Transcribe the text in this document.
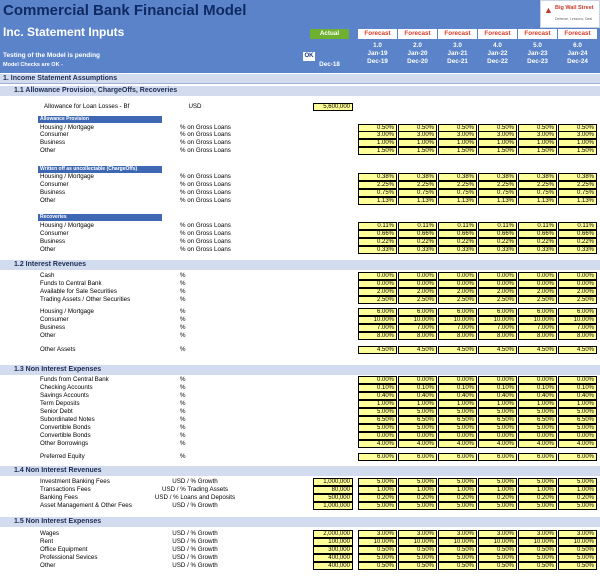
Commercial Bank Financial Model
Inc. Statement Inputs
Testing of the Model is pending
Model Checks are OK -
OK
▲ Big Wall Street
Defense, Lessons, Deal
Actual
Dec-18
Forecast
1.0
Jan-19
Dec-19
Forecast
2.0
Jan-20
Dec-20
Forecast
3.0
Jan-21
Dec-21
Forecast
4.0
Jan-22
Dec-22
Forecast
5.0
Jan-23
Dec-23
Forecast
6.0
Jan-24
Dec-24
1. Income Statement Assumptions
1.1 Allowance Provision, ChargeOffs, Recoveries
1.2 Interest Revenues
1.3 Non Interest Expenses
1.4 Non Interest Revenues
1.5 Non Interest Expenses
Allowance Provision
Written off as uncollectable (ChargeOffs)
Recoveries
Allowance for Loan Losses - Bf	USD	5,600,000
Housing / Mortgage	% on Gross Loans	0.50%	0.50%	0.50%	0.50%	0.50%	0.50%
Consumer	% on Gross Loans	3.00%	3.00%	3.00%	3.00%	3.00%	3.00%
Business	% on Gross Loans	1.00%	1.00%	1.00%	1.00%	1.00%	1.00%
Other	% on Gross Loans	1.50%	1.50%	1.50%	1.50%	1.50%	1.50%
Housing / Mortgage	% on Gross Loans	0.38%	0.38%	0.38%	0.38%	0.38%	0.38%
Consumer	% on Gross Loans	2.25%	2.25%	2.25%	2.25%	2.25%	2.25%
Business	% on Gross Loans	0.75%	0.75%	0.75%	0.75%	0.75%	0.75%
Other	% on Gross Loans	1.13%	1.13%	1.13%	1.13%	1.13%	1.13%
Housing / Mortgage	% on Gross Loans	0.11%	0.11%	0.11%	0.11%	0.11%	0.11%
Consumer	% on Gross Loans	0.66%	0.66%	0.66%	0.66%	0.66%	0.66%
Business	% on Gross Loans	0.22%	0.22%	0.22%	0.22%	0.22%	0.22%
Other	% on Gross Loans	0.33%	0.33%	0.33%	0.33%	0.33%	0.33%
Cash	%	0.00%	0.00%	0.00%	0.00%	0.00%	0.00%
Funds to Central Bank	%	0.00%	0.00%	0.00%	0.00%	0.00%	0.00%
Available for Sale Securities	%	2.00%	2.00%	2.00%	2.00%	2.00%	2.00%
Trading Assets / Other Securities	%	2.50%	2.50%	2.50%	2.50%	2.50%	2.50%
Housing / Mortgage	%	6.00%	6.00%	6.00%	6.00%	6.00%	6.00%
Consumer	%	10.00%	10.00%	10.00%	10.00%	10.00%	10.00%
Business	%	7.00%	7.00%	7.00%	7.00%	7.00%	7.00%
Other	%	8.00%	8.00%	8.00%	8.00%	8.00%	8.00%
Other Assets	%	4.50%	4.50%	4.50%	4.50%	4.50%	4.50%
Funds from Central Bank	%	0.00%	0.00%	0.00%	0.00%	0.00%	0.00%
Checking Accounts	%	0.10%	0.10%	0.10%	0.10%	0.10%	0.10%
Savings Accounts	%	0.40%	0.40%	0.40%	0.40%	0.40%	0.40%
Term Deposits	%	1.00%	1.00%	1.00%	1.00%	1.00%	1.00%
Senior Debt	%	5.00%	5.00%	5.00%	5.00%	5.00%	5.00%
Subordinated Notes	%	6.50%	6.50%	6.50%	6.50%	6.50%	6.50%
Convertible Bonds	%	5.00%	5.00%	5.00%	5.00%	5.00%	5.00%
Convertible Bonds	%	0.00%	0.00%	0.00%	0.00%	0.00%	0.00%
Other Borrowings	%	4.00%	4.00%	4.00%	4.00%	4.00%	4.00%
Preferred Equity	%	6.00%	6.00%	6.00%	6.00%	6.00%	6.00%
Investment Banking Fees	USD / % Growth	1,000,000	5.00%	5.00%	5.00%	5.00%	5.00%	5.00%
Transactions Fees	USD / % Trading Assets	80,000	1.00%	1.00%	1.00%	1.00%	1.00%	1.00%
Banking Fees	USD / % Loans and Deposits	500,000	0.20%	0.20%	0.20%	0.20%	0.20%	0.20%
Asset Management & Other Fees	USD / % Growth	1,000,000	5.00%	5.00%	5.00%	5.00%	5.00%	5.00%
Wages	USD / % Growth	2,000,000	3.00%	3.00%	3.00%	3.00%	3.00%	3.00%
Rent	USD / % Growth	100,000	10.00%	10.00%	10.00%	10.00%	10.00%	10.00%
Office Equipment	USD / % Growth	300,000	0.50%	0.50%	0.50%	0.50%	0.50%	0.50%
Professional Sevices	USD / % Growth	400,000	5.00%	5.00%	5.00%	5.00%	5.00%	5.00%
Other	USD / % Growth	400,000	0.50%	0.50%	0.50%	0.50%	0.50%	0.50%
